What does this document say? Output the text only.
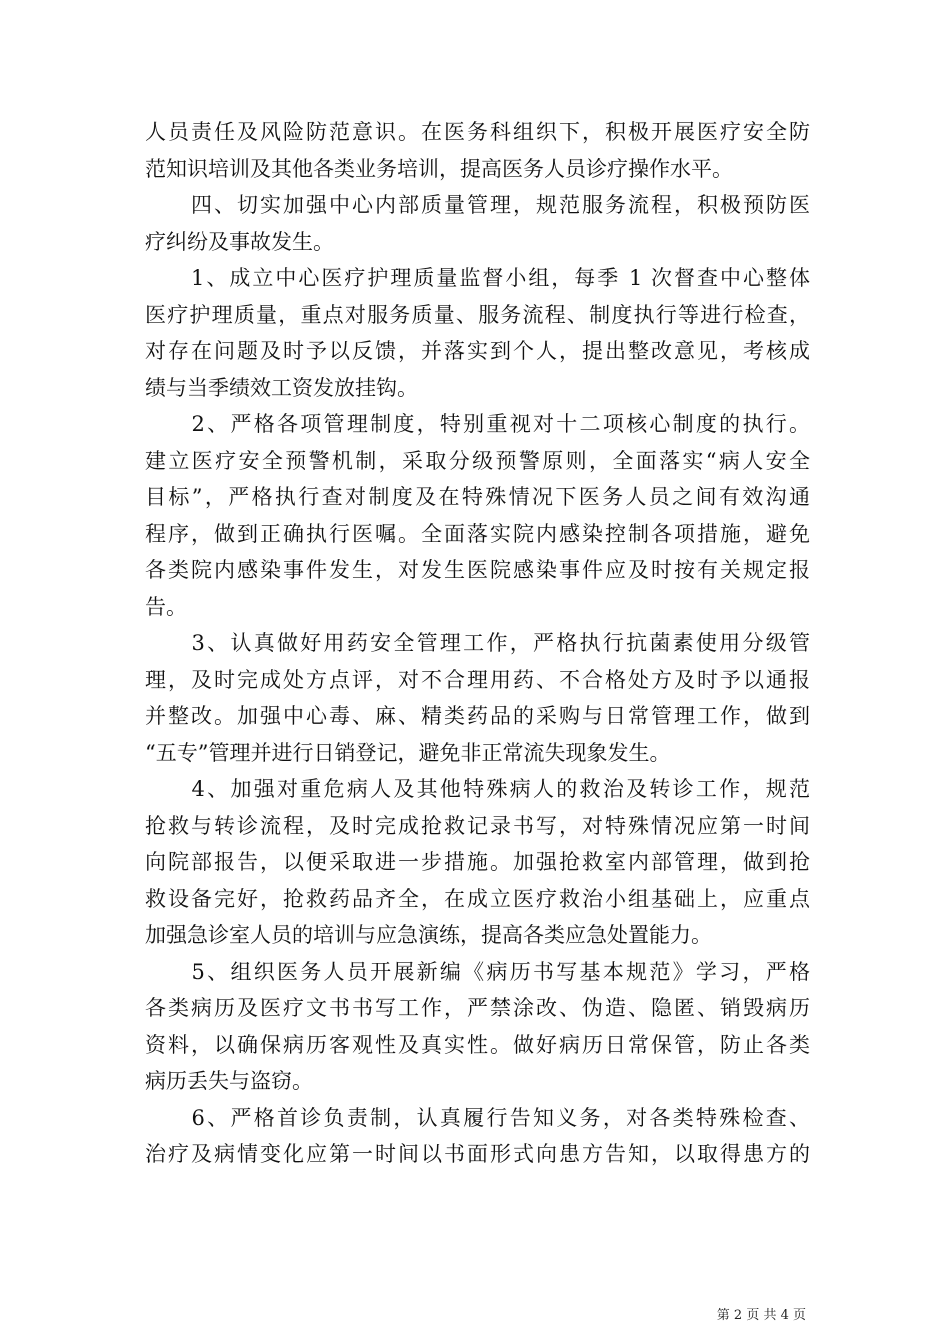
人员责任及风险防范意识。在医务科组织下，积极开展医疗安全防
范知识培训及其他各类业务培训，提高医务人员诊疗操作水平。
　　四、切实加强中心内部质量管理，规范服务流程，积极预防医
疗纠纷及事故发生。
　　1、成立中心医疗护理质量监督小组，每季 1 次督查中心整体
医疗护理质量，重点对服务质量、服务流程、制度执行等进行检查，
对存在问题及时予以反馈，并落实到个人，提出整改意见，考核成
绩与当季绩效工资发放挂钩。
　　2、严格各项管理制度，特别重视对十二项核心制度的执行。
建立医疗安全预警机制，采取分级预警原则，全面落实“病人安全
目标”，严格执行查对制度及在特殊情况下医务人员之间有效沟通
程序，做到正确执行医嘱。全面落实院内感染控制各项措施，避免
各类院内感染事件发生，对发生医院感染事件应及时按有关规定报
告。
　　3、认真做好用药安全管理工作，严格执行抗菌素使用分级管
理，及时完成处方点评，对不合理用药、不合格处方及时予以通报
并整改。加强中心毒、麻、精类药品的采购与日常管理工作，做到
“五专”管理并进行日销登记，避免非正常流失现象发生。
　　4、加强对重危病人及其他特殊病人的救治及转诊工作，规范
抢救与转诊流程，及时完成抢救记录书写，对特殊情况应第一时间
向院部报告，以便采取进一步措施。加强抢救室内部管理，做到抢
救设备完好，抢救药品齐全，在成立医疗救治小组基础上，应重点
加强急诊室人员的培训与应急演练，提高各类应急处置能力。
　　5、组织医务人员开展新编《病历书写基本规范》学习，严格
各类病历及医疗文书书写工作，严禁涂改、伪造、隐匿、销毁病历
资料，以确保病历客观性及真实性。做好病历日常保管，防止各类
病历丢失与盗窃。
　　6、严格首诊负责制，认真履行告知义务，对各类特殊检查、
治疗及病情变化应第一时间以书面形式向患方告知，以取得患方的
第 2 页 共 4 页
